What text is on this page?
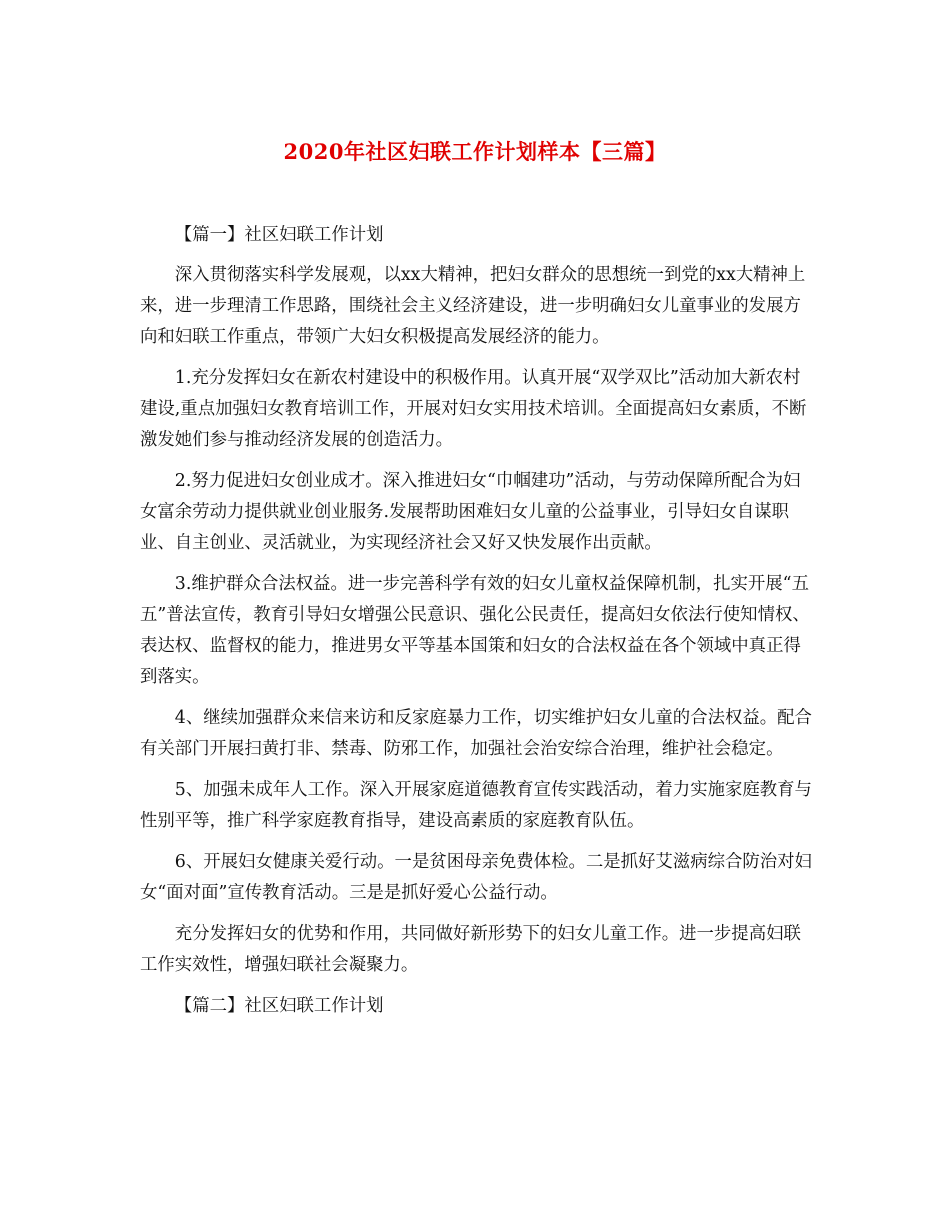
2020年社区妇联工作计划样本【三篇】

【篇一】社区妇联工作计划

深入贯彻落实科学发展观，以xx大精神，把妇女群众的思想统一到党的xx大精神上来，进一步理清工作思路，围绕社会主义经济建设，进一步明确妇女儿童事业的发展方向和妇联工作重点，带领广大妇女积极提高发展经济的能力。

1.充分发挥妇女在新农村建设中的积极作用。认真开展“双学双比”活动加大新农村建设,重点加强妇女教育培训工作，开展对妇女实用技术培训。全面提高妇女素质，不断激发她们参与推动经济发展的创造活力。

2.努力促进妇女创业成才。深入推进妇女“巾帼建功”活动，与劳动保障所配合为妇女富余劳动力提供就业创业服务.发展帮助困难妇女儿童的公益事业，引导妇女自谋职业、自主创业、灵活就业，为实现经济社会又好又快发展作出贡献。

3.维护群众合法权益。进一步完善科学有效的妇女儿童权益保障机制，扎实开展“五五”普法宣传，教育引导妇女增强公民意识、强化公民责任，提高妇女依法行使知情权、表达权、监督权的能力，推进男女平等基本国策和妇女的合法权益在各个领域中真正得到落实。

4、继续加强群众来信来访和反家庭暴力工作，切实维护妇女儿童的合法权益。配合有关部门开展扫黄打非、禁毒、防邪工作，加强社会治安综合治理，维护社会稳定。

5、加强未成年人工作。深入开展家庭道德教育宣传实践活动，着力实施家庭教育与性别平等，推广科学家庭教育指导，建设高素质的家庭教育队伍。

6、开展妇女健康关爱行动。一是贫困母亲免费体检。二是抓好艾滋病综合防治对妇女“面对面”宣传教育活动。三是是抓好爱心公益行动。

充分发挥妇女的优势和作用，共同做好新形势下的妇女儿童工作。进一步提高妇联工作实效性，增强妇联社会凝聚力。

【篇二】社区妇联工作计划
